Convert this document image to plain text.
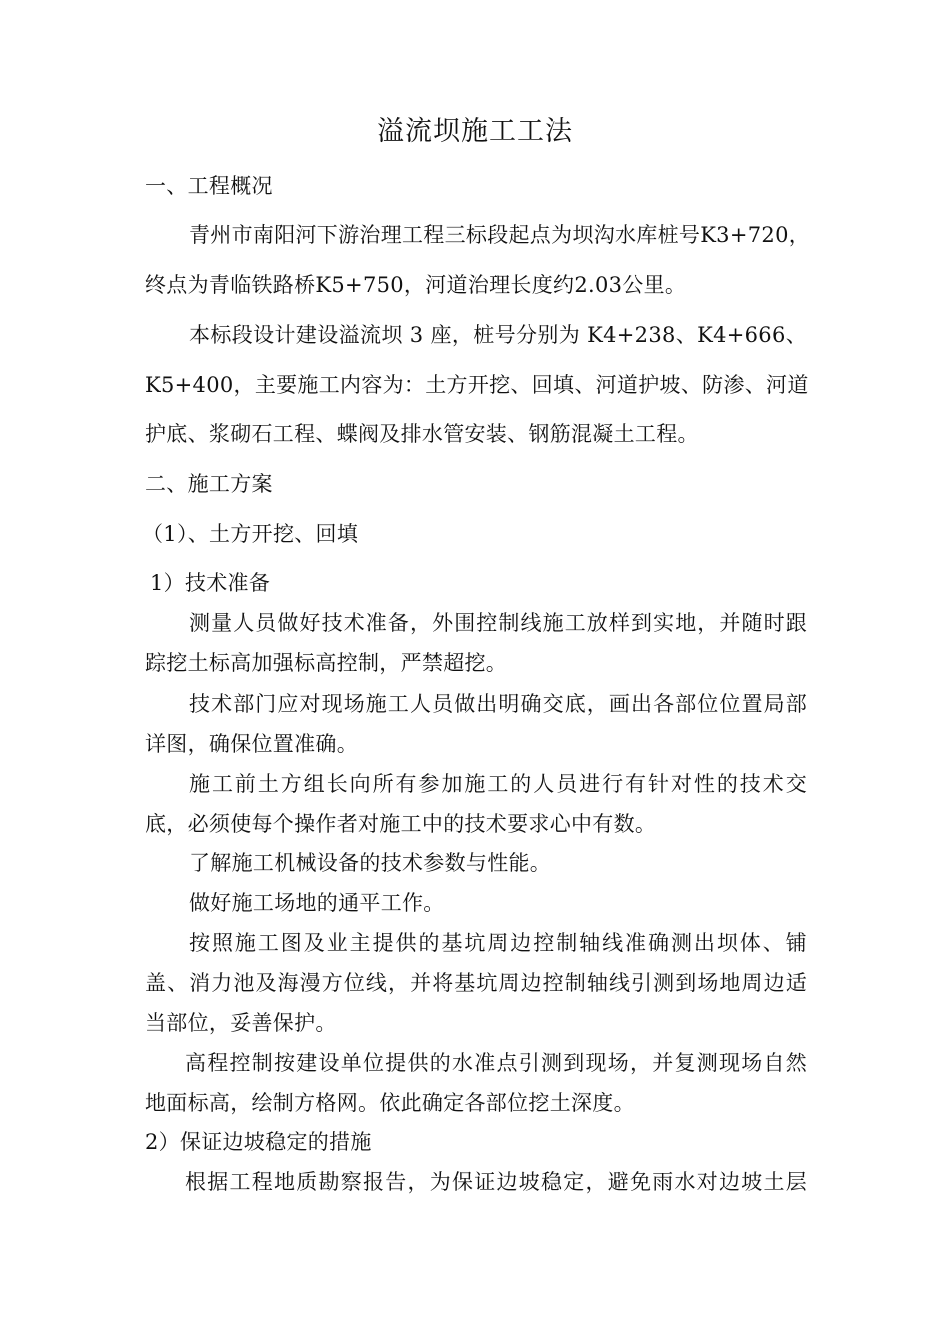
溢流坝施工工法
一、工程概况
青州市南阳河下游治理工程三标段起点为坝沟水库桩号K3+720，
终点为青临铁路桥K5+750，河道治理长度约2.03公里。
本标段设计建设溢流坝 3 座，桩号分别为 K4+238、K4+666、
K5+400，主要施工内容为：土方开挖、回填、河道护坡、防渗、河道
护底、浆砌石工程、蝶阀及排水管安装、钢筋混凝土工程。
二、施工方案
（1）、土方开挖、回填
1）技术准备
测量人员做好技术准备，外围控制线施工放样到实地，并随时跟
踪挖土标高加强标高控制，严禁超挖。
技术部门应对现场施工人员做出明确交底，画出各部位位置局部
详图，确保位置准确。
施工前土方组长向所有参加施工的人员进行有针对性的技术交
底，必须使每个操作者对施工中的技术要求心中有数。
了解施工机械设备的技术参数与性能。
做好施工场地的通平工作。
按照施工图及业主提供的基坑周边控制轴线准确测出坝体、铺
盖、消力池及海漫方位线，并将基坑周边控制轴线引测到场地周边适
当部位，妥善保护。
高程控制按建设单位提供的水准点引测到现场，并复测现场自然
地面标高，绘制方格网。依此确定各部位挖土深度。
2）保证边坡稳定的措施
根据工程地质勘察报告，为保证边坡稳定，避免雨水对边坡土层
